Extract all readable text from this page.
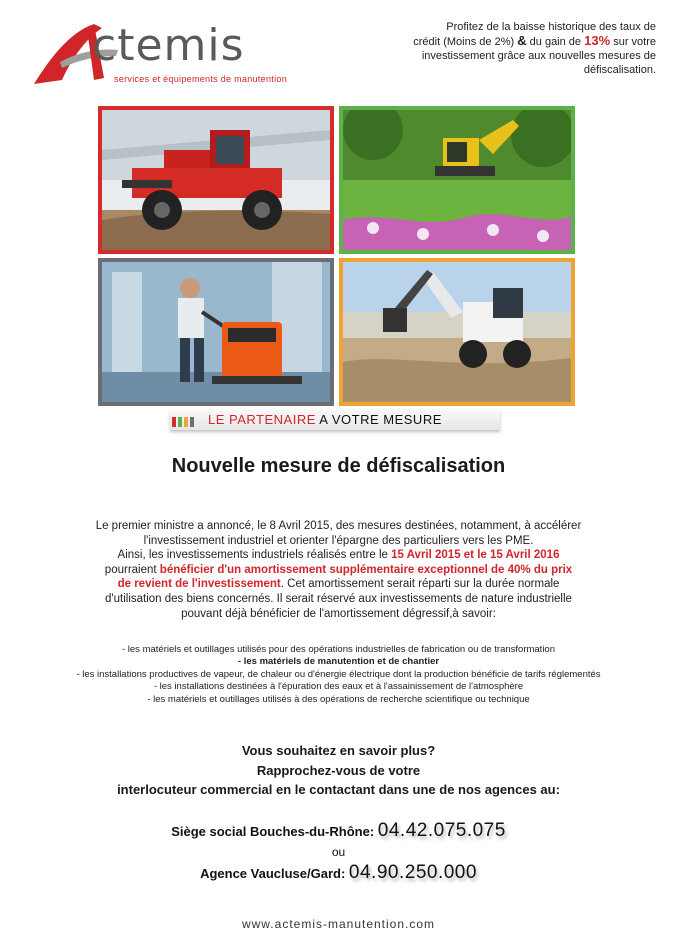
ctemis
services et équipements de manutention
Profitez de la baisse historique des taux de
crédit (Moins de 2%) & du gain de 13% sur votre
investissement grâce aux nouvelles mesures de
défiscalisation.
LE PARTENAIRE A VOTRE MESURE
Nouvelle mesure de défiscalisation
Le premier ministre a annoncé, le 8 Avril 2015, des mesures destinées, notamment, à accélérer
l'investissement industriel et orienter l'épargne des particuliers vers les PME.
Ainsi, les investissements industriels réalisés entre le 15 Avril 2015 et le 15 Avril 2016
pourraient bénéficier d'un amortissement supplémentaire exceptionnel de 40% du prix
de revient de l'investissement. Cet amortissement serait réparti sur la durée normale
d'utilisation des biens concernés. Il serait réservé aux investissements de nature industrielle
pouvant déjà bénéficier de l'amortissement dégressif,à savoir:
- les matériels et outillages utilisés pour des opérations industrielles de fabrication ou de transformation
- les matériels de manutention et de chantier
- les installations productives de vapeur, de chaleur ou d'énergie électrique dont la production bénéficie de tarifs réglementés
- les installations destinées à l'épuration des eaux et à l'assainissement de l'atmosphère
- les matériels et outillages utilisés à des opérations de recherche scientifique ou technique
Vous souhaitez en savoir plus?
Rapprochez-vous de votre
interlocuteur commercial en le contactant dans une de nos agences au:
Siège social Bouches-du-Rhône: 04.42.075.075
ou
Agence Vaucluse/Gard: 04.90.250.000
www.actemis-manutention.com
